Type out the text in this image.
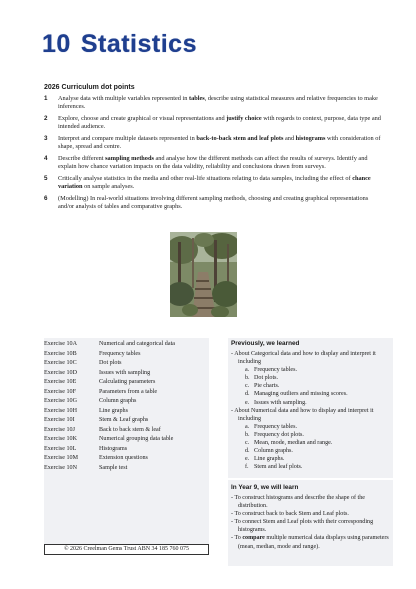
10 Statistics
2026 Curriculum dot points
1	Analyse data with multiple variables represented in tables, describe using statistical measures and relative frequencies to make inferences.
2	Explore, choose and create graphical or visual representations and justify choice with regards to context, purpose, data type and intended audience.
3	Interpret and compare multiple datasets represented in back-to-back stem and leaf plots and histograms with consideration of shape, spread and centre.
4	Describe different sampling methods and analyse how the different methods can affect the results of surveys. Identify and explain how chance variation impacts on the data validity, reliability and conclusions drawn from surveys.
5	Critically analyse statistics in the media and other real-life situations relating to data samples, including the effect of chance variation on sample analyses.
6	(Modelling) In real-world situations involving different sampling methods, choosing and creating graphical representations and/or analysis of tables and comparative graphs.
Exercise 10A	Numerical and categorical data
Exercise 10B	Frequency tables
Exercise 10C	Dot plots
Exercise 10D	Issues with sampling
Exercise 10E	Calculating parameters
Exercise 10F	Parameters from a table
Exercise 10G	Column graphs
Exercise 10H	Line graphs
Exercise 10I	Stem & Leaf graphs
Exercise 10J	Back to back stem & leaf
Exercise 10K	Numerical grouping data table
Exercise 10L	Histograms
Exercise 10M	Extension questions
Exercise 10N	Sample test
© 2026 Creelman Gems Trust ABN 34 185 760 075
Previously, we learned
- About Categorical data and how to display and interpret it including
a. Frequency tables.
b. Dot plots.
c. Pie charts.
d. Managing outliers and missing scores.
e. Issues with sampling.
- About Numerical data and how to display and interpret it including
a. Frequency tables.
b. Frequency dot plots.
c. Mean, mode, median and range.
d. Column graphs.
e. Line graphs.
f. Stem and leaf plots.
In Year 9, we will learn
- To construct histograms and describe the shape of the distribution.
- To construct back to back Stem and Leaf plots.
- To connect Stem and Leaf plots with their corresponding histograms.
- To compare multiple numerical data displays using parameters (mean, median, mode and range).
